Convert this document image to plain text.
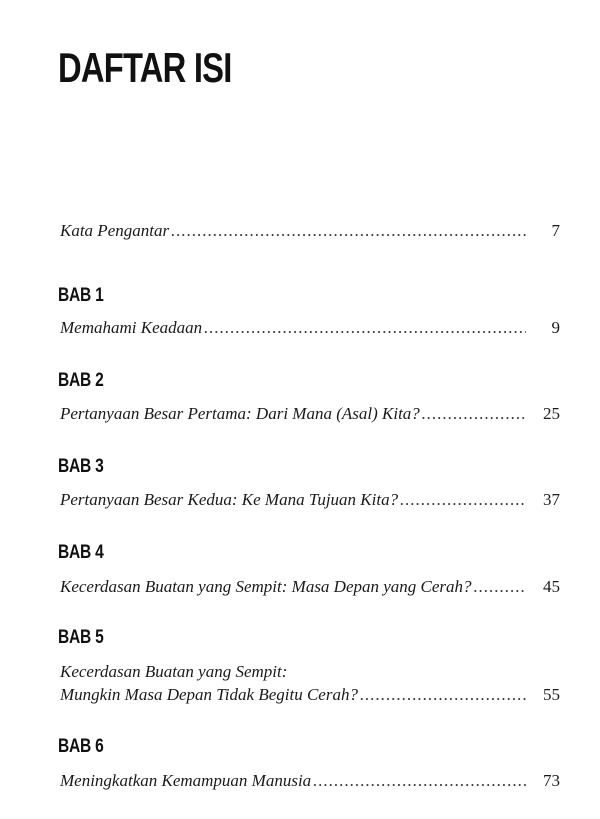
DAFTAR ISI
Kata Pengantar .....	7
BAB 1
Memahami Keadaan .....	9
BAB 2
Pertanyaan Besar Pertama: Dari Mana (Asal) Kita? .....	25
BAB 3
Pertanyaan Besar Kedua: Ke Mana Tujuan Kita? .....	37
BAB 4
Kecerdasan Buatan yang Sempit: Masa Depan yang Cerah? .....	45
BAB 5
Kecerdasan Buatan yang Sempit:
Mungkin Masa Depan Tidak Begitu Cerah? .....	55
BAB 6
Meningkatkan Kemampuan Manusia .....	73
